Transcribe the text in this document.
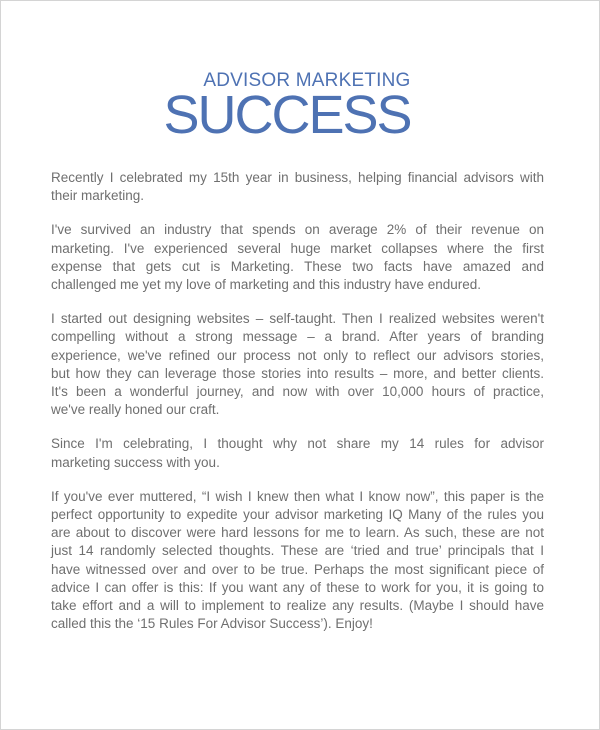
ADVISOR MARKETING
SUCCESS
Recently I celebrated my 15th year in business, helping financial advisors with
their marketing.
I've survived an industry that spends on average 2% of their revenue on
marketing. I've experienced several huge market collapses where the first
expense that gets cut is Marketing. These two facts have amazed and
challenged me yet my love of marketing and this industry have endured.
I started out designing websites – self-taught. Then I realized websites weren't
compelling without a strong message – a brand. After years of branding
experience, we've refined our process not only to reflect our advisors stories,
but how they can leverage those stories into results – more, and better clients.
It's been a wonderful journey, and now with over 10,000 hours of practice,
we've really honed our craft.
Since I'm celebrating, I thought why not share my 14 rules for advisor
marketing success with you.
If you've ever muttered, “I wish I knew then what I know now”, this paper is the
perfect opportunity to expedite your advisor marketing IQ Many of the rules you
are about to discover were hard lessons for me to learn. As such, these are not
just 14 randomly selected thoughts. These are ‘tried and true’ principals that I
have witnessed over and over to be true. Perhaps the most significant piece of
advice I can offer is this: If you want any of these to work for you, it is going to
take effort and a will to implement to realize any results. (Maybe I should have
called this the ‘15 Rules For Advisor Success’). Enjoy!
